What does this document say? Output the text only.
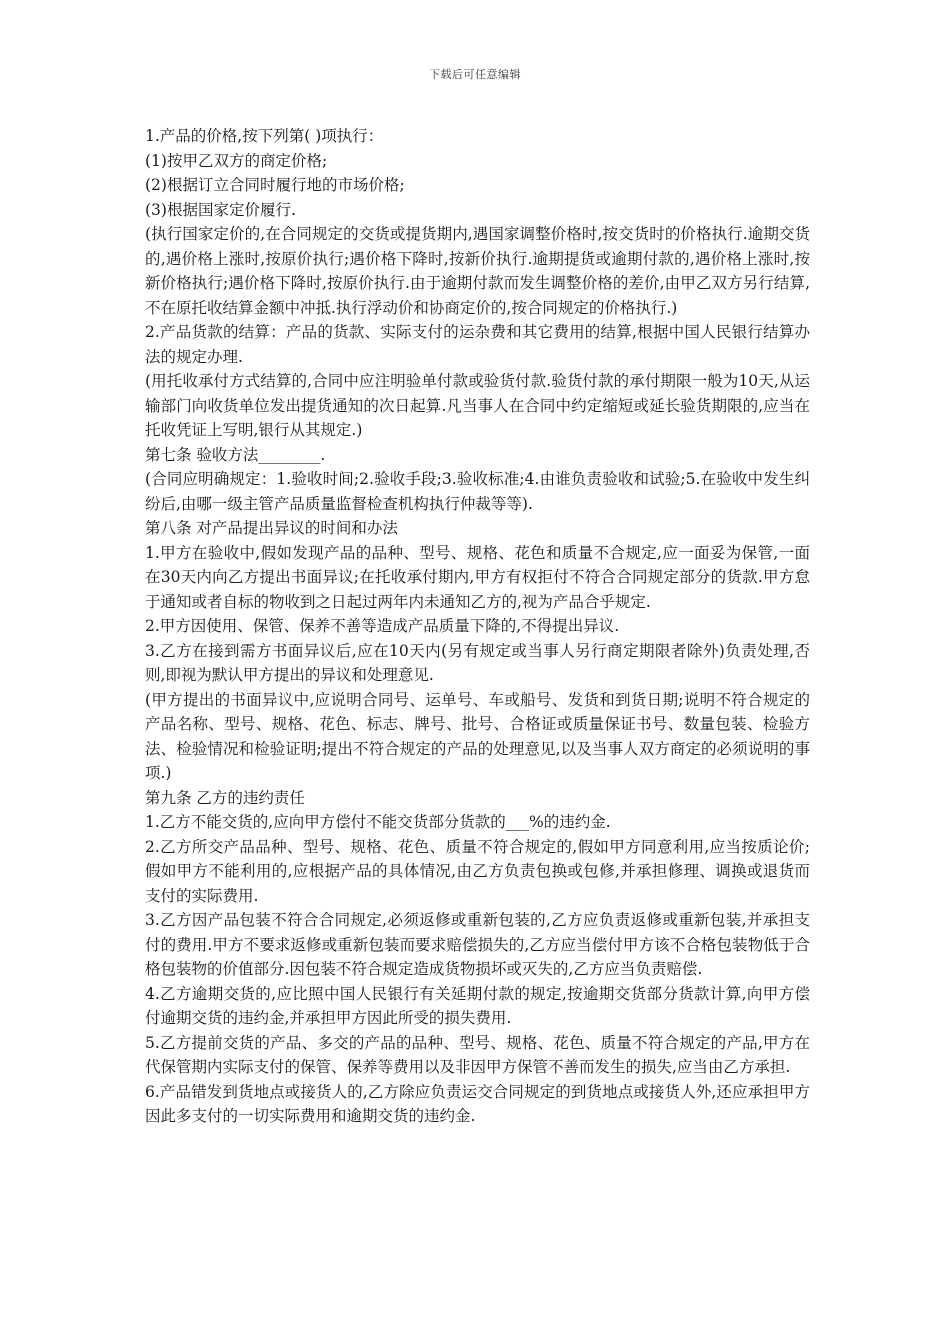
下载后可任意编辑

1.产品的价格,按下列第( )项执行：

(1)按甲乙双方的商定价格;

(2)根据订立合同时履行地的市场价格;

(3)根据国家定价履行.

(执行国家定价的,在合同规定的交货或提货期内,遇国家调整价格时,按交货时的价格执行.逾期交货的,遇价格上涨时,按原价执行;遇价格下降时,按新价执行.逾期提货或逾期付款的,遇价格上涨时,按新价格执行;遇价格下降时,按原价执行.由于逾期付款而发生调整价格的差价,由甲乙双方另行结算,不在原托收结算金额中冲抵.执行浮动价和协商定价的,按合同规定的价格执行.)

2.产品货款的结算：产品的货款、实际支付的运杂费和其它费用的结算,根据中国人民银行结算办法的规定办理.

(用托收承付方式结算的,合同中应注明验单付款或验货付款.验货付款的承付期限一般为10天,从运输部门向收货单位发出提货通知的次日起算.凡当事人在合同中约定缩短或延长验货期限的,应当在托收凭证上写明,银行从其规定.)

第七条 验收方法________.

(合同应明确规定：1.验收时间;2.验收手段;3.验收标准;4.由谁负责验收和试验;5.在验收中发生纠纷后,由哪一级主管产品质量监督检查机构执行仲裁等等).

第八条 对产品提出异议的时间和办法

1.甲方在验收中,假如发现产品的品种、型号、规格、花色和质量不合规定,应一面妥为保管,一面在30天内向乙方提出书面异议;在托收承付期内,甲方有权拒付不符合合同规定部分的货款.甲方怠于通知或者自标的物收到之日起过两年内未通知乙方的,视为产品合乎规定.

2.甲方因使用、保管、保养不善等造成产品质量下降的,不得提出异议.

3.乙方在接到需方书面异议后,应在10天内(另有规定或当事人另行商定期限者除外)负责处理,否则,即视为默认甲方提出的异议和处理意见.

(甲方提出的书面异议中,应说明合同号、运单号、车或船号、发货和到货日期;说明不符合规定的产品名称、型号、规格、花色、标志、牌号、批号、合格证或质量保证书号、数量包装、检验方法、检验情况和检验证明;提出不符合规定的产品的处理意见,以及当事人双方商定的必须说明的事项.)

第九条 乙方的违约责任

1.乙方不能交货的,应向甲方偿付不能交货部分货款的___%的违约金.

2.乙方所交产品品种、型号、规格、花色、质量不符合规定的,假如甲方同意利用,应当按质论价;假如甲方不能利用的,应根据产品的具体情况,由乙方负责包换或包修,并承担修理、调换或退货而支付的实际费用.

3.乙方因产品包装不符合合同规定,必须返修或重新包装的,乙方应负责返修或重新包装,并承担支付的费用.甲方不要求返修或重新包装而要求赔偿损失的,乙方应当偿付甲方该不合格包装物低于合格包装物的价值部分.因包装不符合规定造成货物损坏或灭失的,乙方应当负责赔偿.

4.乙方逾期交货的,应比照中国人民银行有关延期付款的规定,按逾期交货部分货款计算,向甲方偿付逾期交货的违约金,并承担甲方因此所受的损失费用.

5.乙方提前交货的产品、多交的产品的品种、型号、规格、花色、质量不符合规定的产品,甲方在代保管期内实际支付的保管、保养等费用以及非因甲方保管不善而发生的损失,应当由乙方承担.

6.产品错发到货地点或接货人的,乙方除应负责运交合同规定的到货地点或接货人外,还应承担甲方因此多支付的一切实际费用和逾期交货的违约金.
